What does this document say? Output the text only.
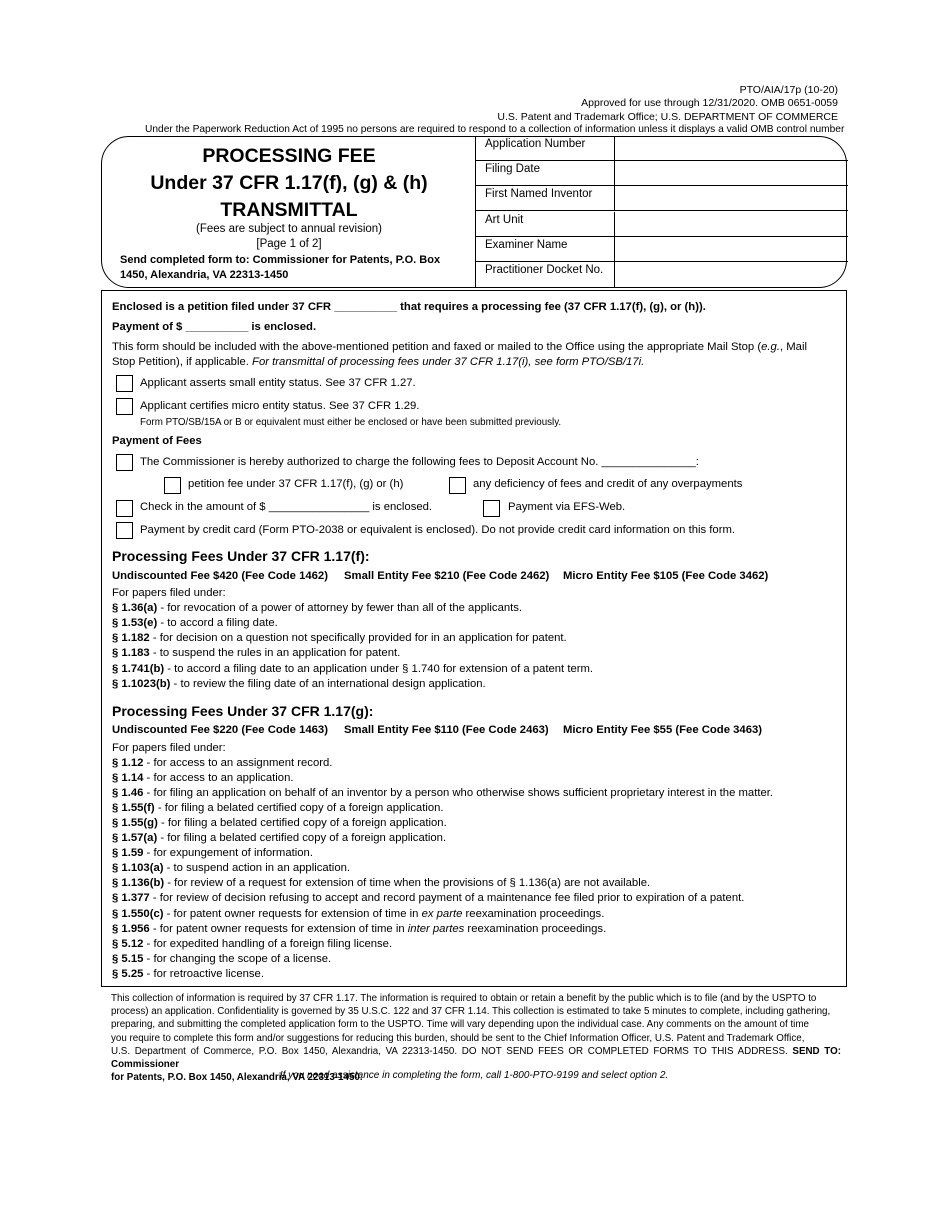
PTO/AIA/17p (10-20)
Approved for use through 12/31/2020. OMB 0651-0059
U.S. Patent and Trademark Office; U.S. DEPARTMENT OF COMMERCE
Under the Paperwork Reduction Act of 1995 no persons are required to respond to a collection of information unless it displays a valid OMB control number
PROCESSING FEE
Under 37 CFR 1.17(f), (g) & (h)
TRANSMITTAL
(Fees are subject to annual revision)
[Page 1 of 2]
Send completed form to: Commissioner for Patents, P.O. Box 1450, Alexandria, VA 22313-1450
Application Number
Filing Date
First Named Inventor
Art Unit
Examiner Name
Practitioner Docket No.
Enclosed is a petition filed under 37 CFR __________ that requires a processing fee (37 CFR 1.17(f), (g), or (h)).
Payment of $ __________ is enclosed.
This form should be included with the above-mentioned petition and faxed or mailed to the Office using the appropriate Mail Stop (e.g., Mail
Stop Petition), if applicable. For transmittal of processing fees under 37 CFR 1.17(i), see form PTO/SB/17i.
Applicant asserts small entity status. See 37 CFR 1.27.
Applicant certifies micro entity status. See 37 CFR 1.29.
Form PTO/SB/15A or B or equivalent must either be enclosed or have been submitted previously.
Payment of Fees
The Commissioner is hereby authorized to charge the following fees to Deposit Account No. _______________:
petition fee under 37 CFR 1.17(f), (g) or (h)	any deficiency of fees and credit of any overpayments
Check in the amount of $ ________________ is enclosed.	Payment via EFS-Web.
Payment by credit card (Form PTO-2038 or equivalent is enclosed). Do not provide credit card information on this form.
Processing Fees Under 37 CFR 1.17(f):
Undiscounted Fee $420 (Fee Code 1462) Small Entity Fee $210 (Fee Code 2462) Micro Entity Fee $105 (Fee Code 3462)
For papers filed under:
§ 1.36(a) - for revocation of a power of attorney by fewer than all of the applicants.
§ 1.53(e) - to accord a filing date.
§ 1.182 - for decision on a question not specifically provided for in an application for patent.
§ 1.183 - to suspend the rules in an application for patent.
§ 1.741(b) - to accord a filing date to an application under § 1.740 for extension of a patent term.
§ 1.1023(b) - to review the filing date of an international design application.
Processing Fees Under 37 CFR 1.17(g):
Undiscounted Fee $220 (Fee Code 1463) Small Entity Fee $110 (Fee Code 2463) Micro Entity Fee $55 (Fee Code 3463)
For papers filed under:
§ 1.12 - for access to an assignment record.
§ 1.14 - for access to an application.
§ 1.46 - for filing an application on behalf of an inventor by a person who otherwise shows sufficient proprietary interest in the matter.
§ 1.55(f) - for filing a belated certified copy of a foreign application.
§ 1.55(g) - for filing a belated certified copy of a foreign application.
§ 1.57(a) - for filing a belated certified copy of a foreign application.
§ 1.59 - for expungement of information.
§ 1.103(a) - to suspend action in an application.
§ 1.136(b) - for review of a request for extension of time when the provisions of § 1.136(a) are not available.
§ 1.377 - for review of decision refusing to accept and record payment of a maintenance fee filed prior to expiration of a patent.
§ 1.550(c) - for patent owner requests for extension of time in ex parte reexamination proceedings.
§ 1.956 - for patent owner requests for extension of time in inter partes reexamination proceedings.
§ 5.12 - for expedited handling of a foreign filing license.
§ 5.15 - for changing the scope of a license.
§ 5.25 - for retroactive license.
This collection of information is required by 37 CFR 1.17. The information is required to obtain or retain a benefit by the public which is to file (and by the USPTO to
process) an application. Confidentiality is governed by 35 U.S.C. 122 and 37 CFR 1.14. This collection is estimated to take 5 minutes to complete, including gathering,
preparing, and submitting the completed application form to the USPTO. Time will vary depending upon the individual case. Any comments on the amount of time
you require to complete this form and/or suggestions for reducing this burden, should be sent to the Chief Information Officer, U.S. Patent and Trademark Office,
U.S. Department of Commerce, P.O. Box 1450, Alexandria, VA 22313-1450. DO NOT SEND FEES OR COMPLETED FORMS TO THIS ADDRESS. SEND TO: Commissioner
for Patents, P.O. Box 1450, Alexandria, VA 22313-1450.
If you need assistance in completing the form, call 1-800-PTO-9199 and select option 2.
